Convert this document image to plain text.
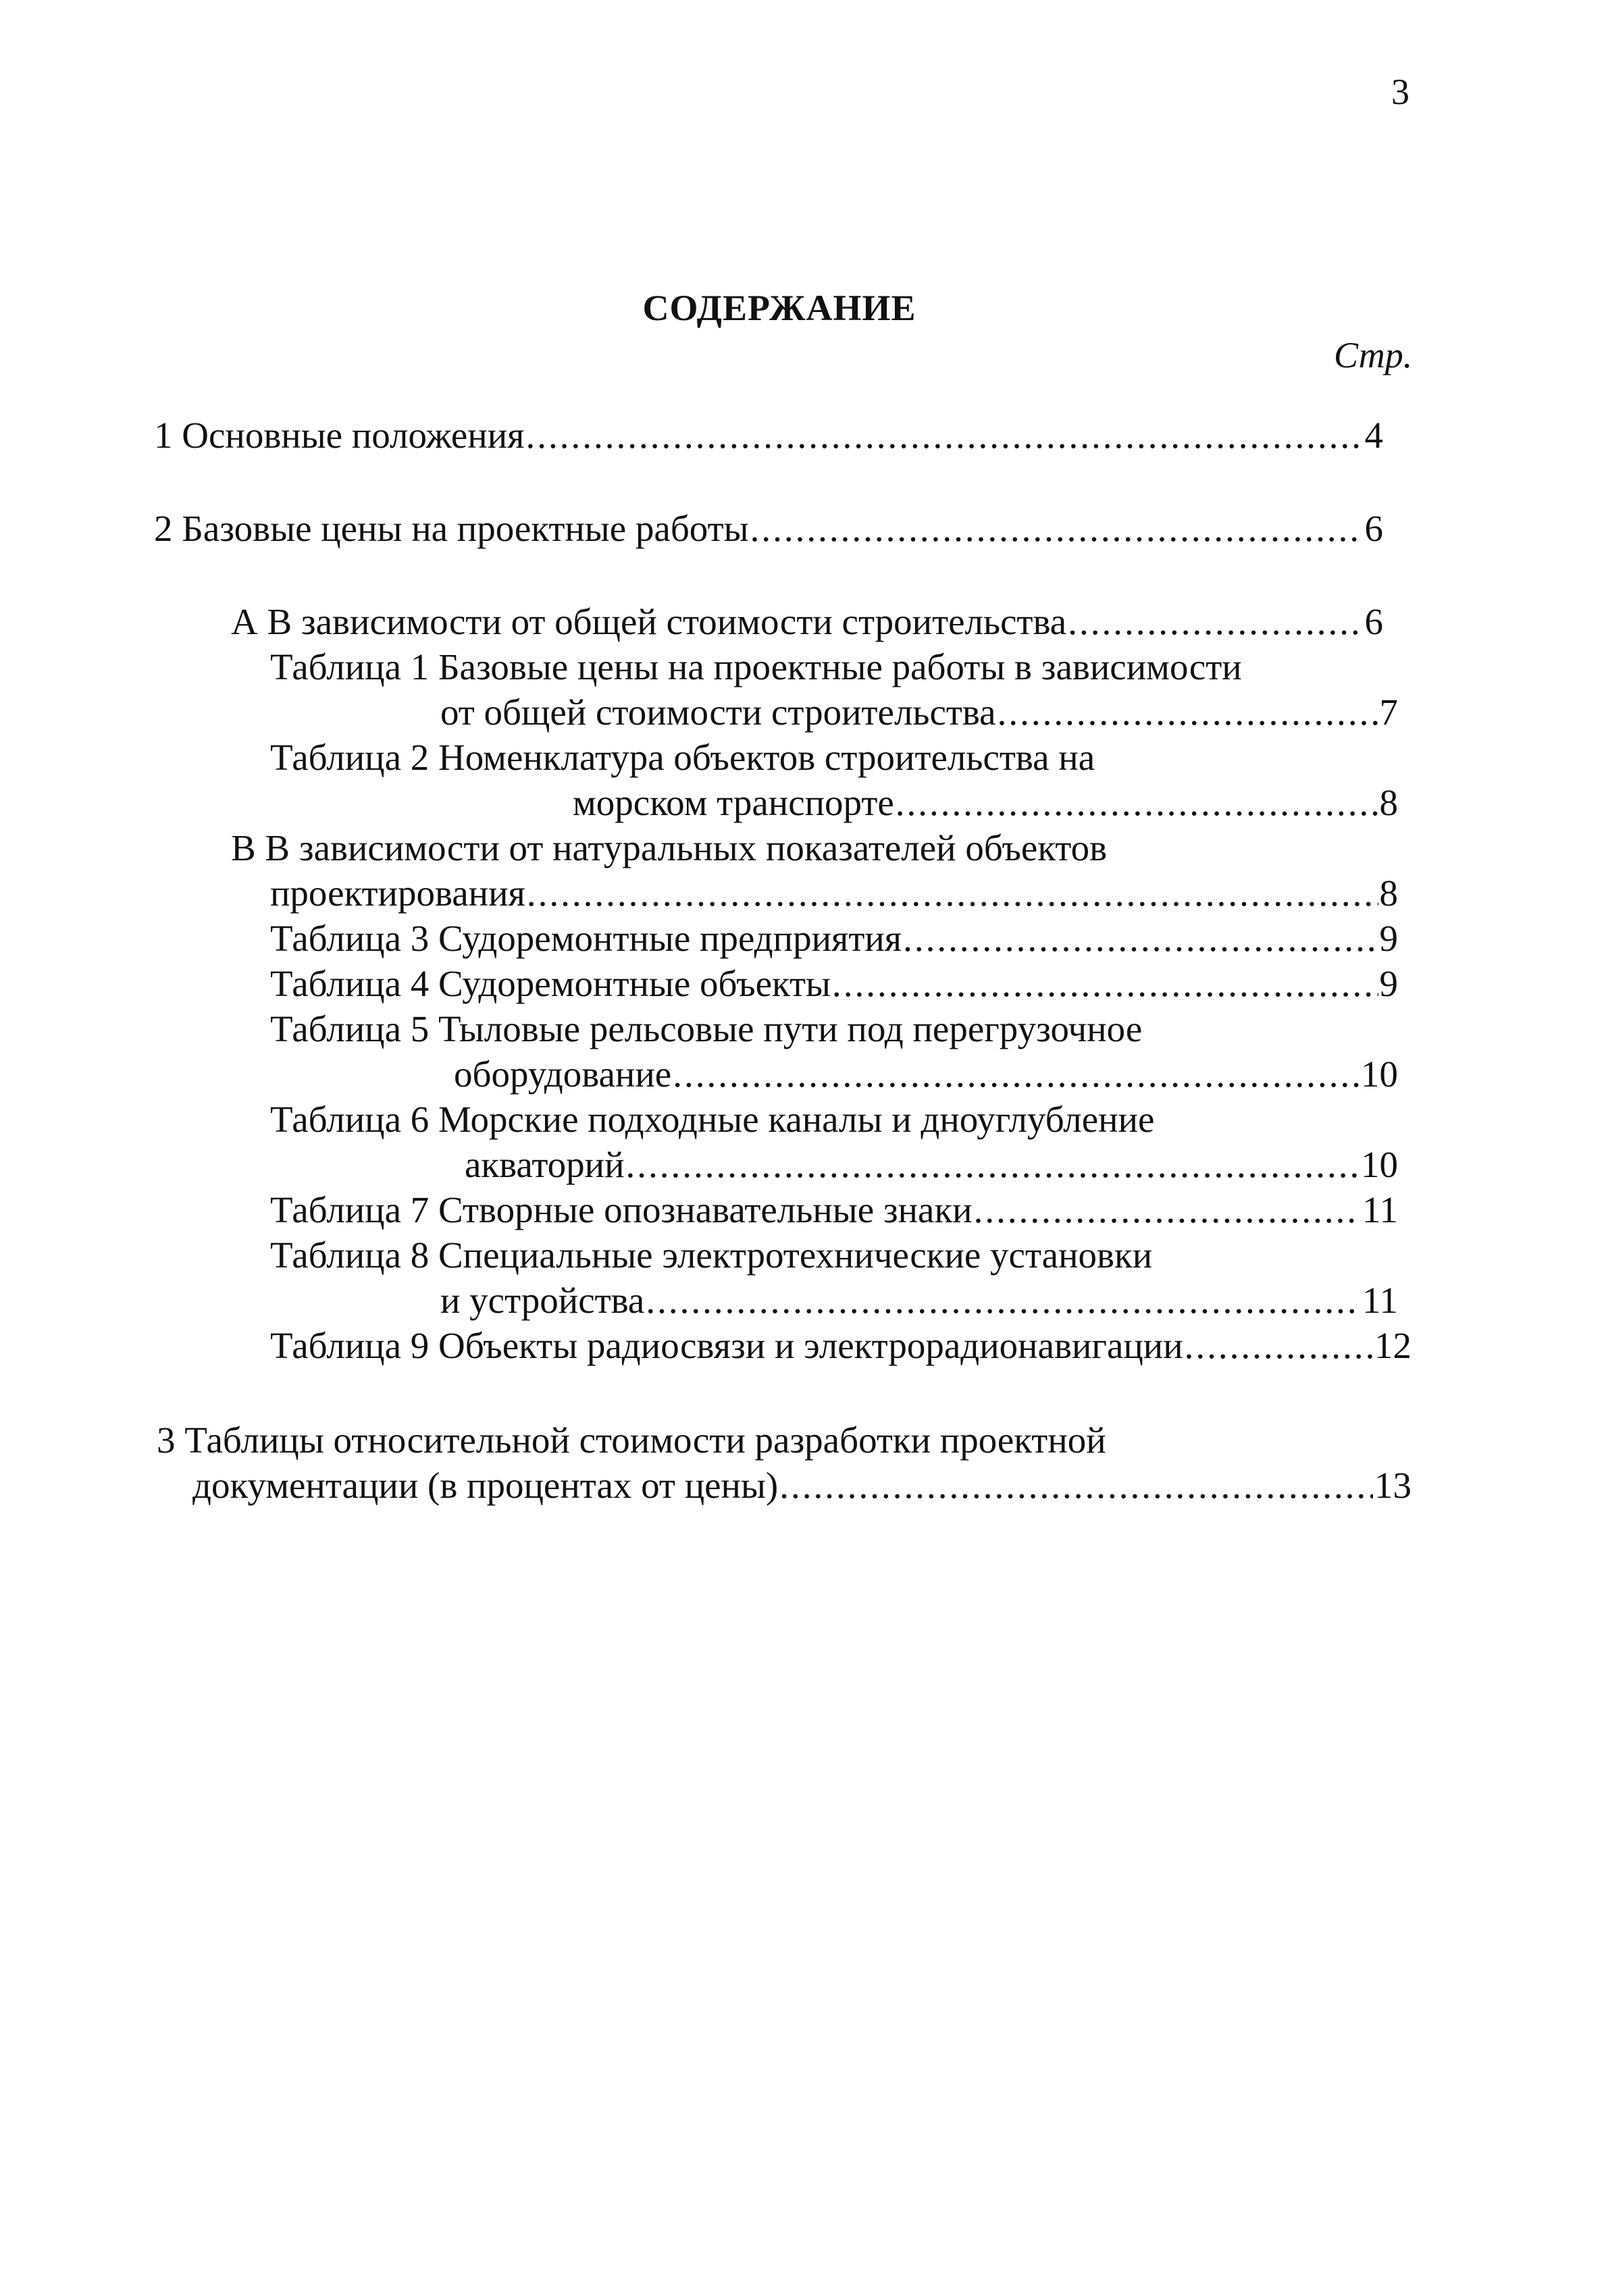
3
СОДЕРЖАНИЕ
Стр.
1 Основные положения .....	4
2 Базовые цены на проектные работы .....	6
А В зависимости от общей стоимости строительства .....	6
Таблица 1 Базовые цены на проектные работы в зависимости
от общей стоимости строительства .....	7
Таблица 2 Номенклатура объектов строительства на
морском транспорте .....	8
В В зависимости от натуральных показателей объектов
проектирования .....	8
Таблица 3 Судоремонтные предприятия .....	9
Таблица 4 Судоремонтные объекты .....	9
Таблица 5 Тыловые рельсовые пути под перегрузочное
оборудование .....	10
Таблица 6 Морские подходные каналы и дноуглубление
акваторий .....	10
Таблица 7 Створные опознавательные знаки .....	11
Таблица 8 Специальные электротехнические установки
и устройства .....	11
Таблица 9 Объекты радиосвязи и электрорадионавигации .....	12
3 Таблицы относительной стоимости разработки проектной
документации (в процентах от цены) .....	13
